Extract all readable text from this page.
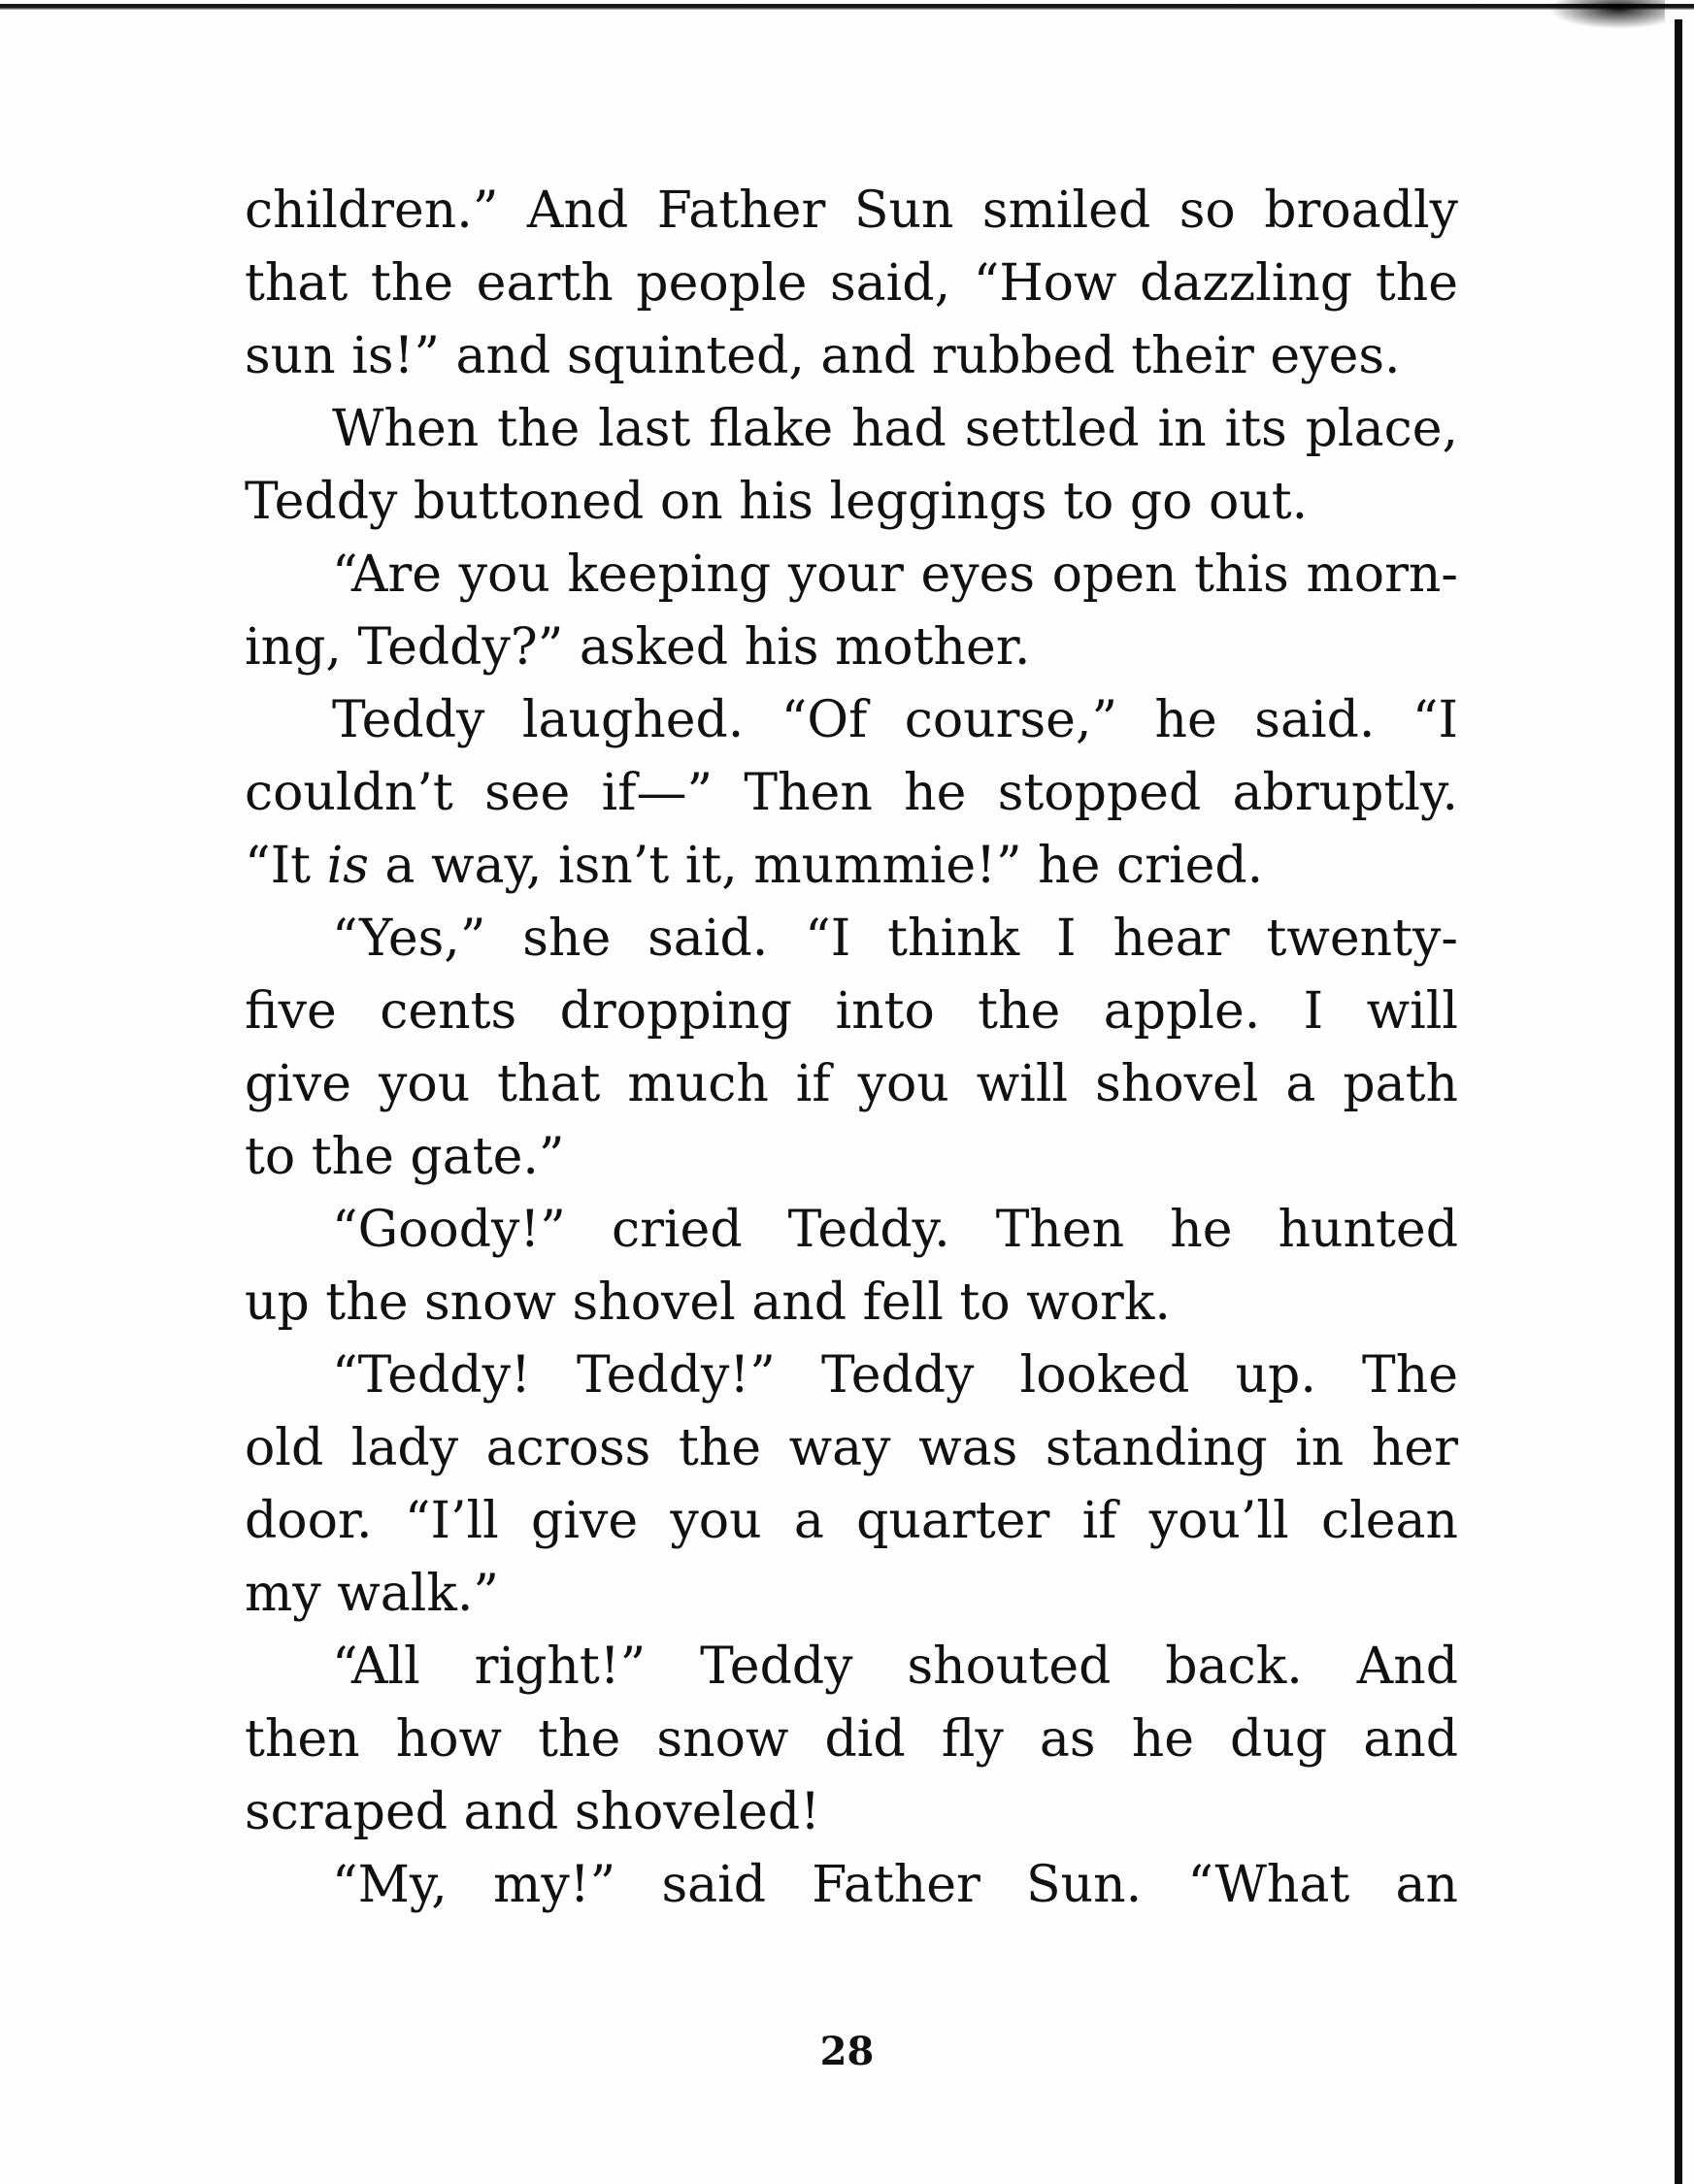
children.” And Father Sun smiled so broadly
that the earth people said, “How dazzling the
sun is!” and squinted, and rubbed their eyes.
When the last flake had settled in its place,
Teddy buttoned on his leggings to go out.
“Are you keeping your eyes open this morn-
ing, Teddy?” asked his mother.
Teddy laughed. “Of course,” he said. “I
couldn’t see if—” Then he stopped abruptly.
“It is a way, isn’t it, mummie!” he cried.
“Yes,” she said. “I think I hear twenty-
five cents dropping into the apple. I will
give you that much if you will shovel a path
to the gate.”
“Goody!” cried Teddy. Then he hunted
up the snow shovel and fell to work.
“Teddy! Teddy!” Teddy looked up. The
old lady across the way was standing in her
door. “I’ll give you a quarter if you’ll clean
my walk.”
“All right!” Teddy shouted back. And
then how the snow did fly as he dug and
scraped and shoveled!
“My, my!” said Father Sun. “What an
28
